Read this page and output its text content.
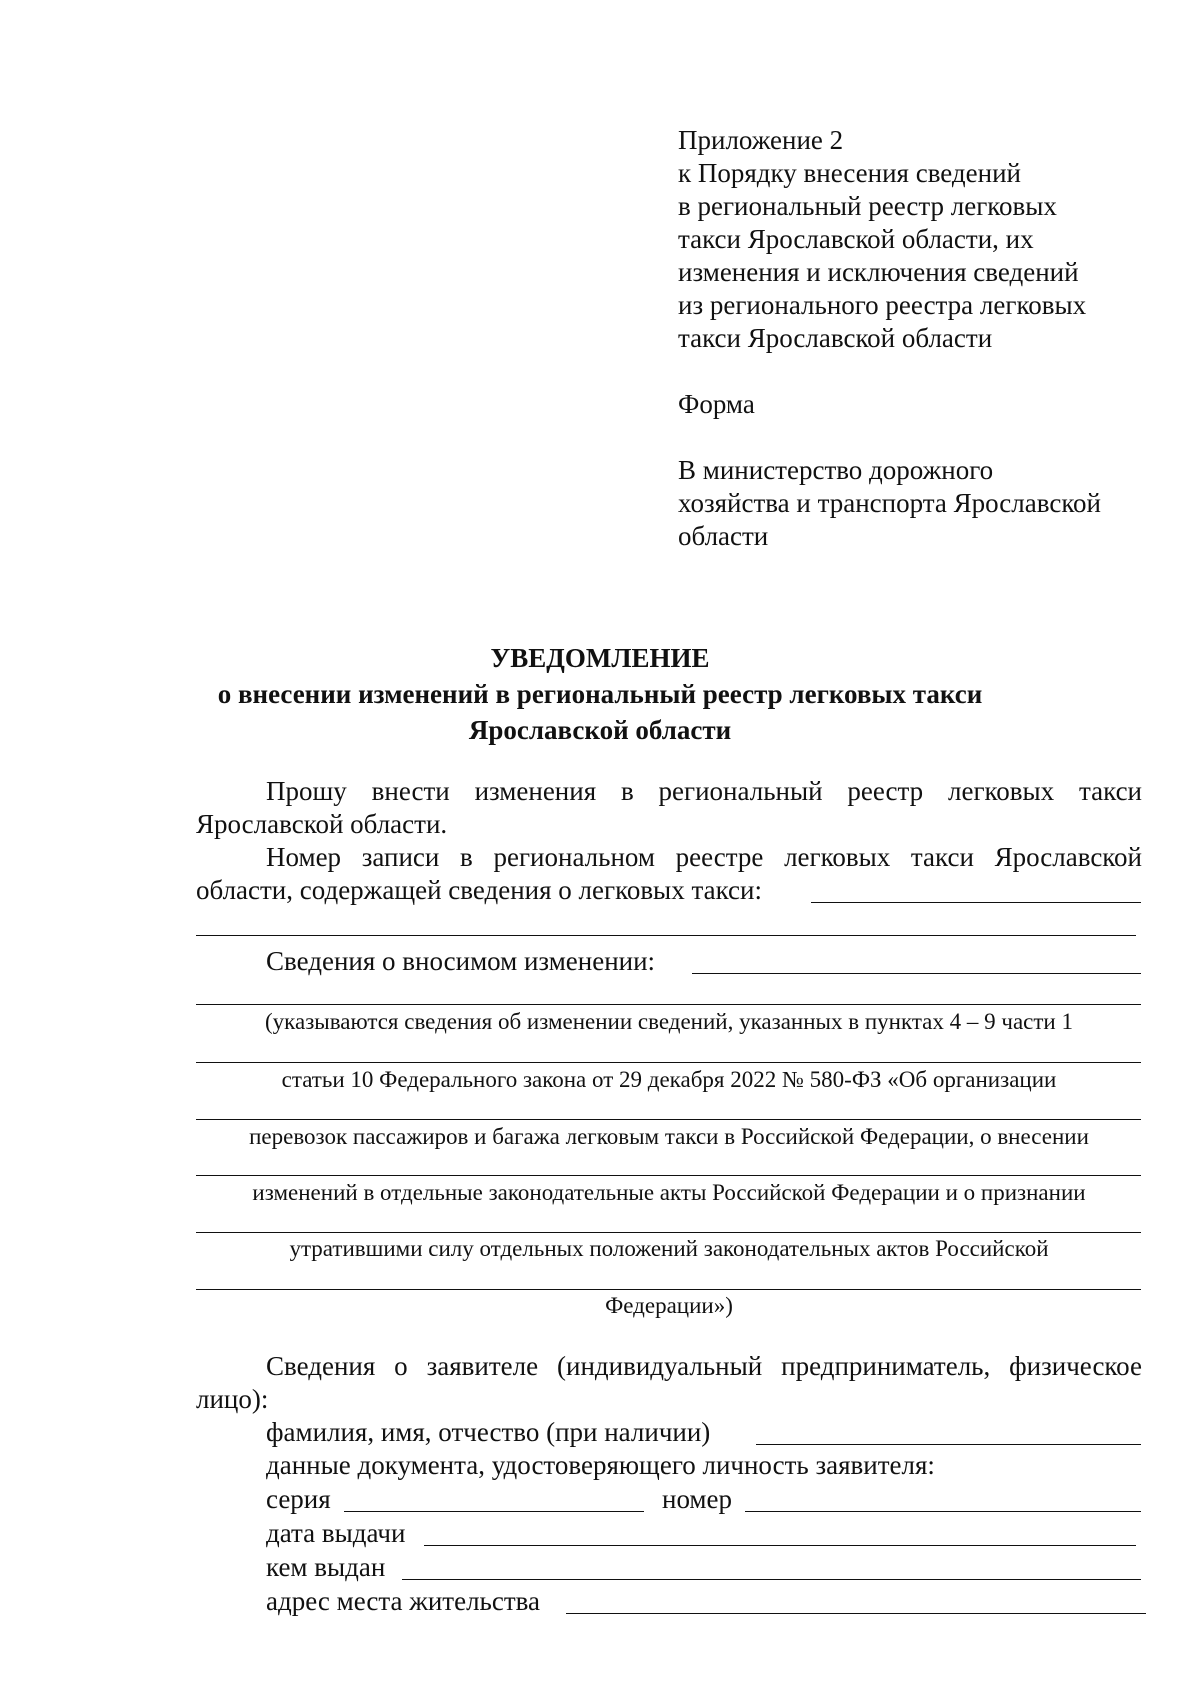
Приложение 2
к Порядку внесения сведений
в региональный реестр легковых
такси Ярославской области, их
изменения и исключения сведений
из регионального реестра легковых
такси Ярославской области
Форма
В министерство дорожного
хозяйства и транспорта Ярославской
области
УВЕДОМЛЕНИЕ
о внесении изменений в региональный реестр легковых такси
Ярославской области
Прошу внести изменения в региональный реестр легковых такси
Ярославской области.
Номер записи в региональном реестре легковых такси Ярославской
области, содержащей сведения о легковых такси:
Сведения о вносимом изменении:
(указываются сведения об изменении сведений, указанных в пунктах 4 – 9 части 1
статьи 10 Федерального закона от 29 декабря 2022 № 580-ФЗ «Об организации
перевозок пассажиров и багажа легковым такси в Российской Федерации, о внесении
изменений в отдельные законодательные акты Российской Федерации и о признании
утратившими силу отдельных положений законодательных актов Российской
Федерации»)
Сведения о заявителе (индивидуальный предприниматель, физическое
лицо):
фамилия, имя, отчество (при наличии)
данные документа, удостоверяющего личность заявителя:
серия	номер
дата выдачи
кем выдан
адрес места жительства
